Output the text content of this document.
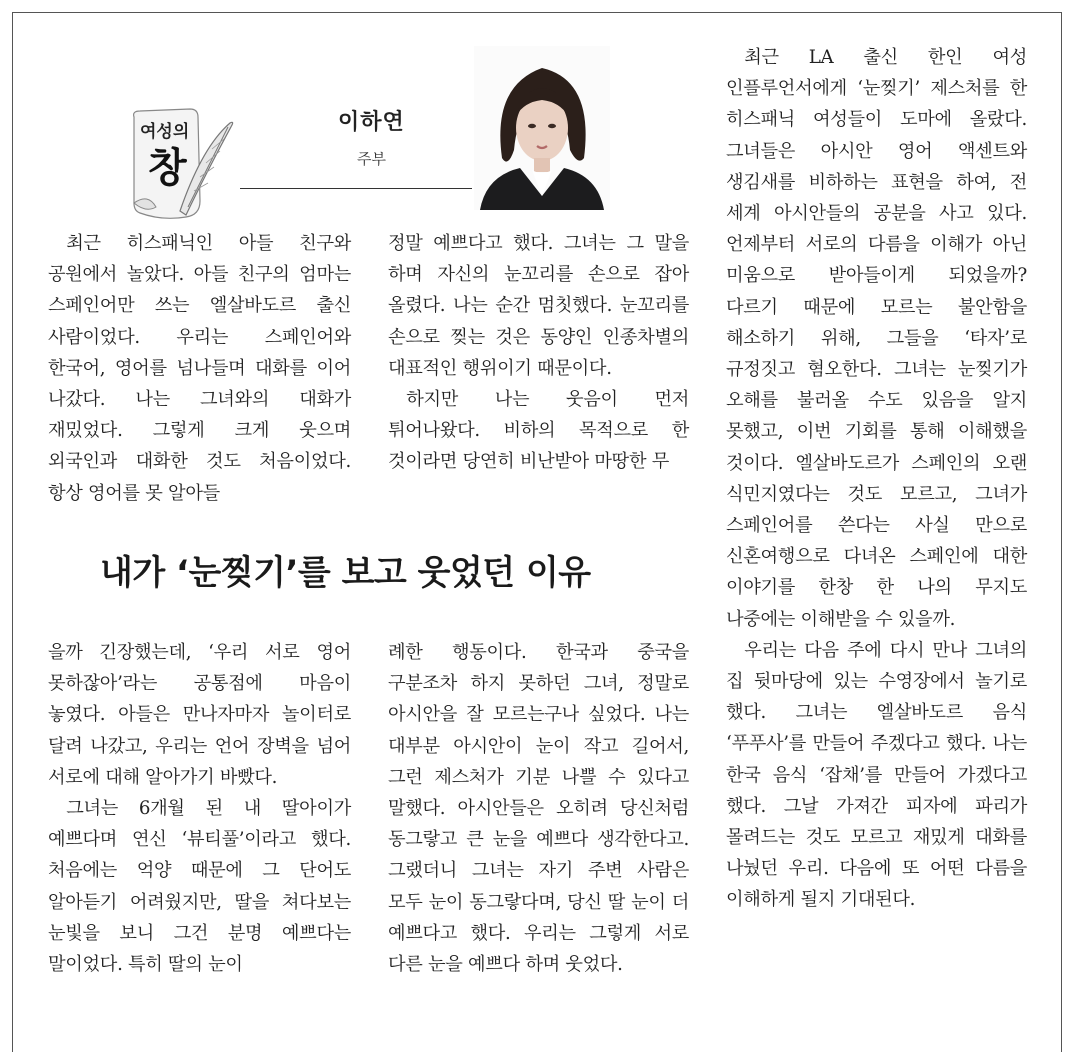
여성의
창
이하연
주부

최근 히스패닉인 아들 친구와 공원에서 놀았다. 아들 친구의 엄마는 스페인어만 쓰는 엘살바도르 출신 사람이었다. 우리는 스페인어와 한국어, 영어를 넘나들며 대화를 이어 나갔다. 나는 그녀와의 대화가 재밌었다. 그렇게 크게 웃으며 외국인과 대화한 것도 처음이었다. 항상 영어를 못 알아들

정말 예쁘다고 했다. 그녀는 그 말을 하며 자신의 눈꼬리를 손으로 잡아 올렸다. 나는 순간 멈칫했다. 눈꼬리를 손으로 찢는 것은 동양인 인종차별의 대표적인 행위이기 때문이다.

하지만 나는 웃음이 먼저 튀어나왔다. 비하의 목적으로 한 것이라면 당연히 비난받아 마땅한 무

내가 ‘눈찢기’를 보고 웃었던 이유

을까 긴장했는데, ‘우리 서로 영어 못하잖아’라는 공통점에 마음이 놓였다. 아들은 만나자마자 놀이터로 달려 나갔고, 우리는 언어 장벽을 넘어 서로에 대해 알아가기 바빴다.

그녀는 6개월 된 내 딸아이가 예쁘다며 연신 ‘뷰티풀’이라고 했다. 처음에는 억양 때문에 그 단어도 알아듣기 어려웠지만, 딸을 쳐다보는 눈빛을 보니 그건 분명 예쁘다는 말이었다. 특히 딸의 눈이

례한 행동이다. 한국과 중국을 구분조차 하지 못하던 그녀, 정말로 아시안을 잘 모르는구나 싶었다. 나는 대부분 아시안이 눈이 작고 길어서, 그런 제스처가 기분 나쁠 수 있다고 말했다. 아시안들은 오히려 당신처럼 동그랗고 큰 눈을 예쁘다 생각한다고. 그랬더니 그녀는 자기 주변 사람은 모두 눈이 동그랗다며, 당신 딸 눈이 더 예쁘다고 했다. 우리는 그렇게 서로 다른 눈을 예쁘다 하며 웃었다.

최근 LA 출신 한인 여성 인플루언서에게 ‘눈찢기’ 제스처를 한 히스패닉 여성들이 도마에 올랐다. 그녀들은 아시안 영어 액센트와 생김새를 비하하는 표현을 하여, 전 세계 아시안들의 공분을 사고 있다. 언제부터 서로의 다름을 이해가 아닌 미움으로 받아들이게 되었을까? 다르기 때문에 모르는 불안함을 해소하기 위해, 그들을 ‘타자’로 규정짓고 혐오한다. 그녀는 눈찢기가 오해를 불러올 수도 있음을 알지 못했고, 이번 기회를 통해 이해했을 것이다. 엘살바도르가 스페인의 오랜 식민지였다는 것도 모르고, 그녀가 스페인어를 쓴다는 사실 만으로 신혼여행으로 다녀온 스페인에 대한 이야기를 한창 한 나의 무지도 나중에는 이해받을 수 있을까.

우리는 다음 주에 다시 만나 그녀의 집 뒷마당에 있는 수영장에서 놀기로 했다. 그녀는 엘살바도르 음식 ‘푸푸사’를 만들어 주겠다고 했다. 나는 한국 음식 ‘잡채’를 만들어 가겠다고 했다. 그날 가져간 피자에 파리가 몰려드는 것도 모르고 재밌게 대화를 나눴던 우리. 다음에 또 어떤 다름을 이해하게 될지 기대된다.
